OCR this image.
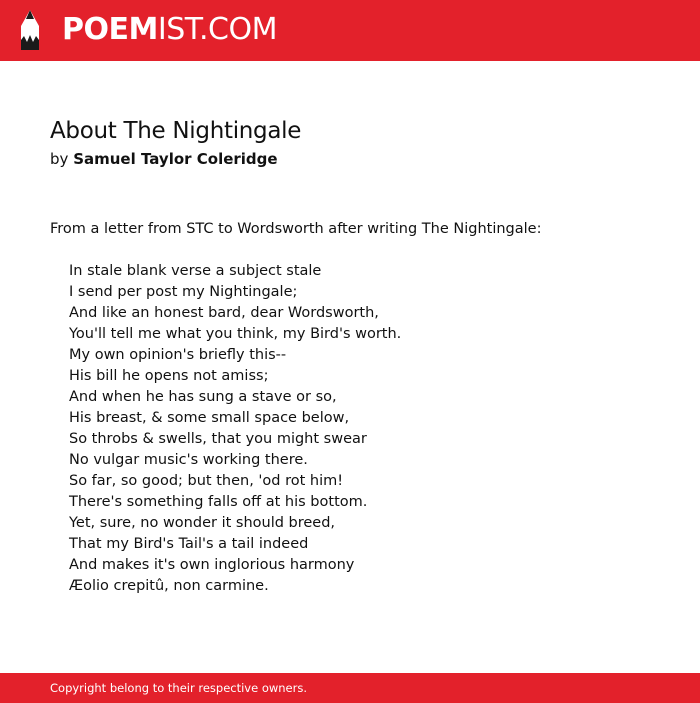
POEMIST.COM
About The Nightingale
by Samuel Taylor Coleridge

From a letter from STC to Wordsworth after writing The Nightingale:

In stale blank verse a subject stale
I send per post my Nightingale;
And like an honest bard, dear Wordsworth,
You'll tell me what you think, my Bird's worth.
My own opinion's briefly this--
His bill he opens not amiss;
And when he has sung a stave or so,
His breast, & some small space below,
So throbs & swells, that you might swear
No vulgar music's working there.
So far, so good; but then, 'od rot him!
There's something falls off at his bottom.
Yet, sure, no wonder it should breed,
That my Bird's Tail's a tail indeed
And makes it's own inglorious harmony
Æolio crepitû, non carmine.
Copyright belong to their respective owners.
